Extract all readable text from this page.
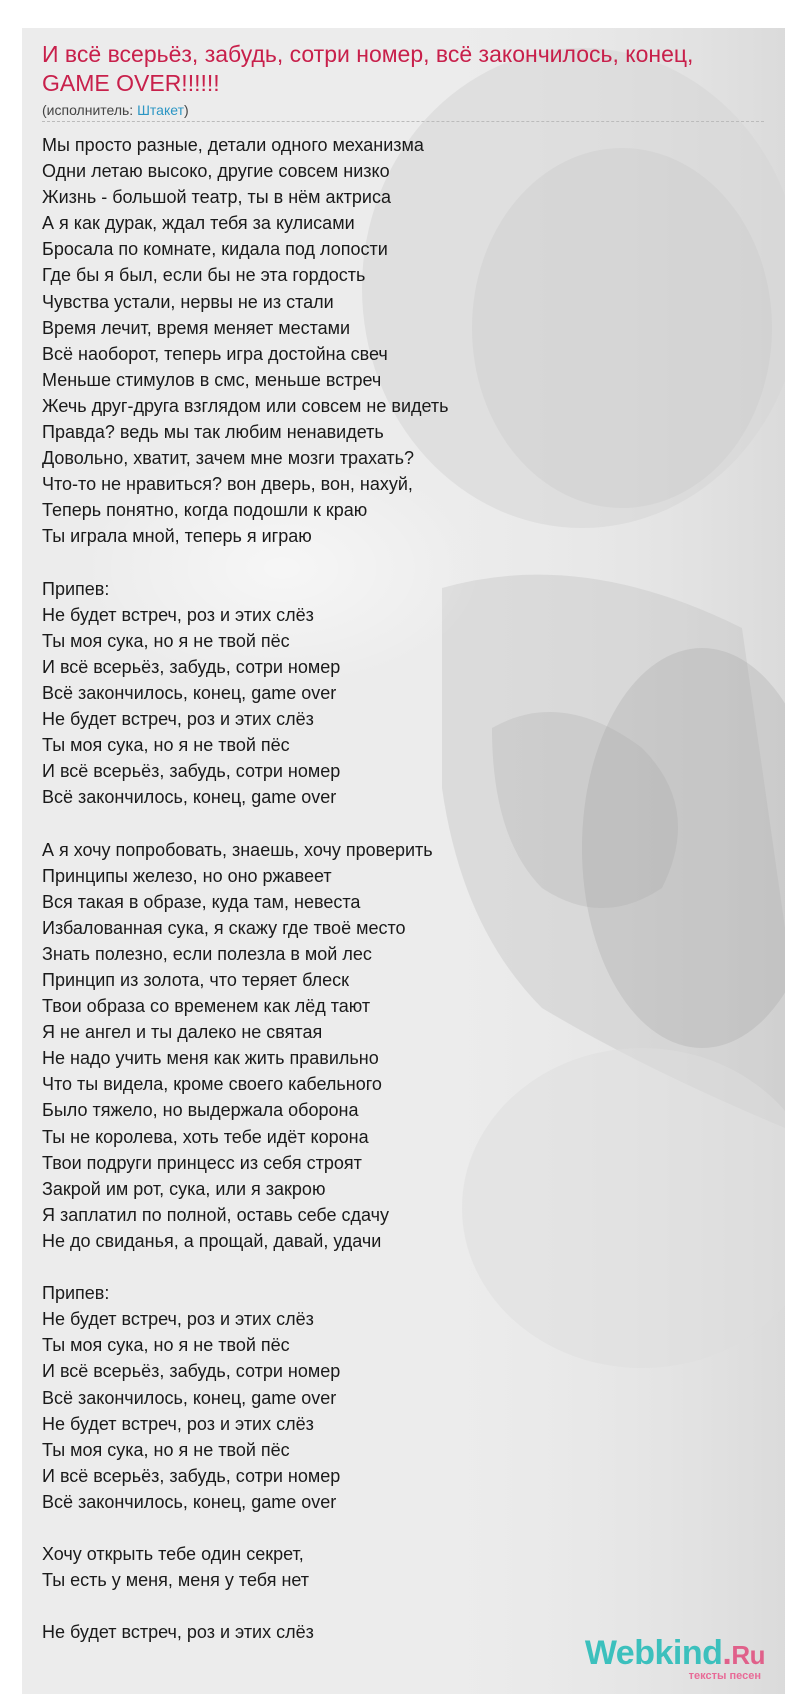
И всё всерьёз, забудь, сотри номер, всё закончилось, конец, GAME OVER!!!!!!
(исполнитель: Штакет)
Мы просто разные, детали одного механизма
Одни летаю высоко, другие совсем низко
Жизнь - большой театр, ты в нём актриса
А я как дурак, ждал тебя за кулисами
Бросала по комнате, кидала под лопости
Где бы я был, если бы не эта гордость
Чувства устали, нервы не из стали
Время лечит, время меняет местами
Всё наоборот, теперь игра достойна свеч
Меньше стимулов в смс, меньше встреч
Жечь друг-друга взглядом или совсем не видеть
Правда? ведь мы так любим ненавидеть
Довольно, хватит, зачем мне мозги трахать?
Что-то не нравиться? вон дверь, вон, нахуй,
Теперь понятно, когда подошли к краю
Ты играла мной, теперь я играю

Припев:
Не будет встреч, роз и этих слёз
Ты моя сука, но я не твой пёс
И всё всерьёз, забудь, сотри номер
Всё закончилось, конец, game over
Не будет встреч, роз и этих слёз
Ты моя сука, но я не твой пёс
И всё всерьёз, забудь, сотри номер
Всё закончилось, конец, game over

А я хочу попробовать, знаешь, хочу проверить
Принципы железо, но оно ржавеет
Вся такая в образе, куда там, невеста
Избалованная сука, я скажу где твоё место
Знать полезно, если полезла в мой лес
Принцип из золота, что теряет блеск
Твои образа со временем как лёд тают
Я не ангел и ты далеко не святая
Не надо учить меня как жить правильно
Что ты видела, кроме своего кабельного
Было тяжело, но выдержала оборона
Ты не королева, хоть тебе идёт корона
Твои подруги принцесс из себя строят
Закрой им рот, сука, или я закрою
Я заплатил по полной, оставь себе сдачу
Не до свиданья, а прощай, давай, удачи

Припев:
Не будет встреч, роз и этих слёз
Ты моя сука, но я не твой пёс
И всё всерьёз, забудь, сотри номер
Всё закончилось, конец, game over
Не будет встреч, роз и этих слёз
Ты моя сука, но я не твой пёс
И всё всерьёз, забудь, сотри номер
Всё закончилось, конец, game over

Хочу открыть тебе один секрет,
Ты есть у меня, меня у тебя нет

Не будет встреч, роз и этих слёз
Webkind.Ru
тексты песен
